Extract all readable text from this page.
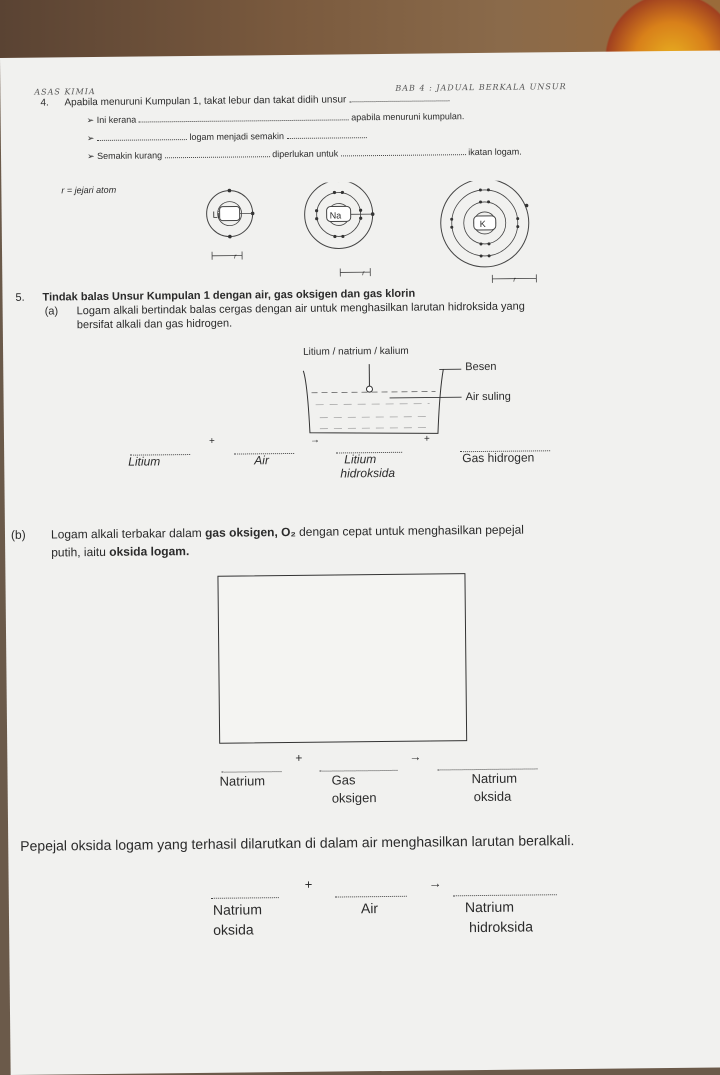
ASAS KIMIA	BAB 4 : JADUAL BERKALA UNSUR
4. Apabila menuruni Kumpulan 1, takat lebur dan takat didih unsur
➢ Ini kerana	apabila menuruni kumpulan.
➢	logam menjadi semakin
➢ Semakin kurang	diperlukan untuk	ikatan logam.
r = jejari atom
Li	Na
K
r
r
r
5. Tindak balas Unsur Kumpulan 1 dengan air, gas oksigen dan gas klorin
(a) Logam alkali bertindak balas cergas dengan air untuk menghasilkan larutan hidroksida yang
bersifat alkali dan gas hidrogen.
Litium / natrium / kalium
Besen
Air suling
+	→	+
Litium	Air	Litium
hidroksida
Gas hidrogen
(b) Logam alkali terbakar dalam gas oksigen, O₂ dengan cepat untuk menghasilkan pepejal
putih, iaitu oksida logam.
+	→
Natrium	Gas
oksigen
Natrium
oksida
Pepejal oksida logam yang terhasil dilarutkan di dalam air menghasilkan larutan beralkali.
+	→
Natrium
oksida
Air	Natrium
hidroksida
